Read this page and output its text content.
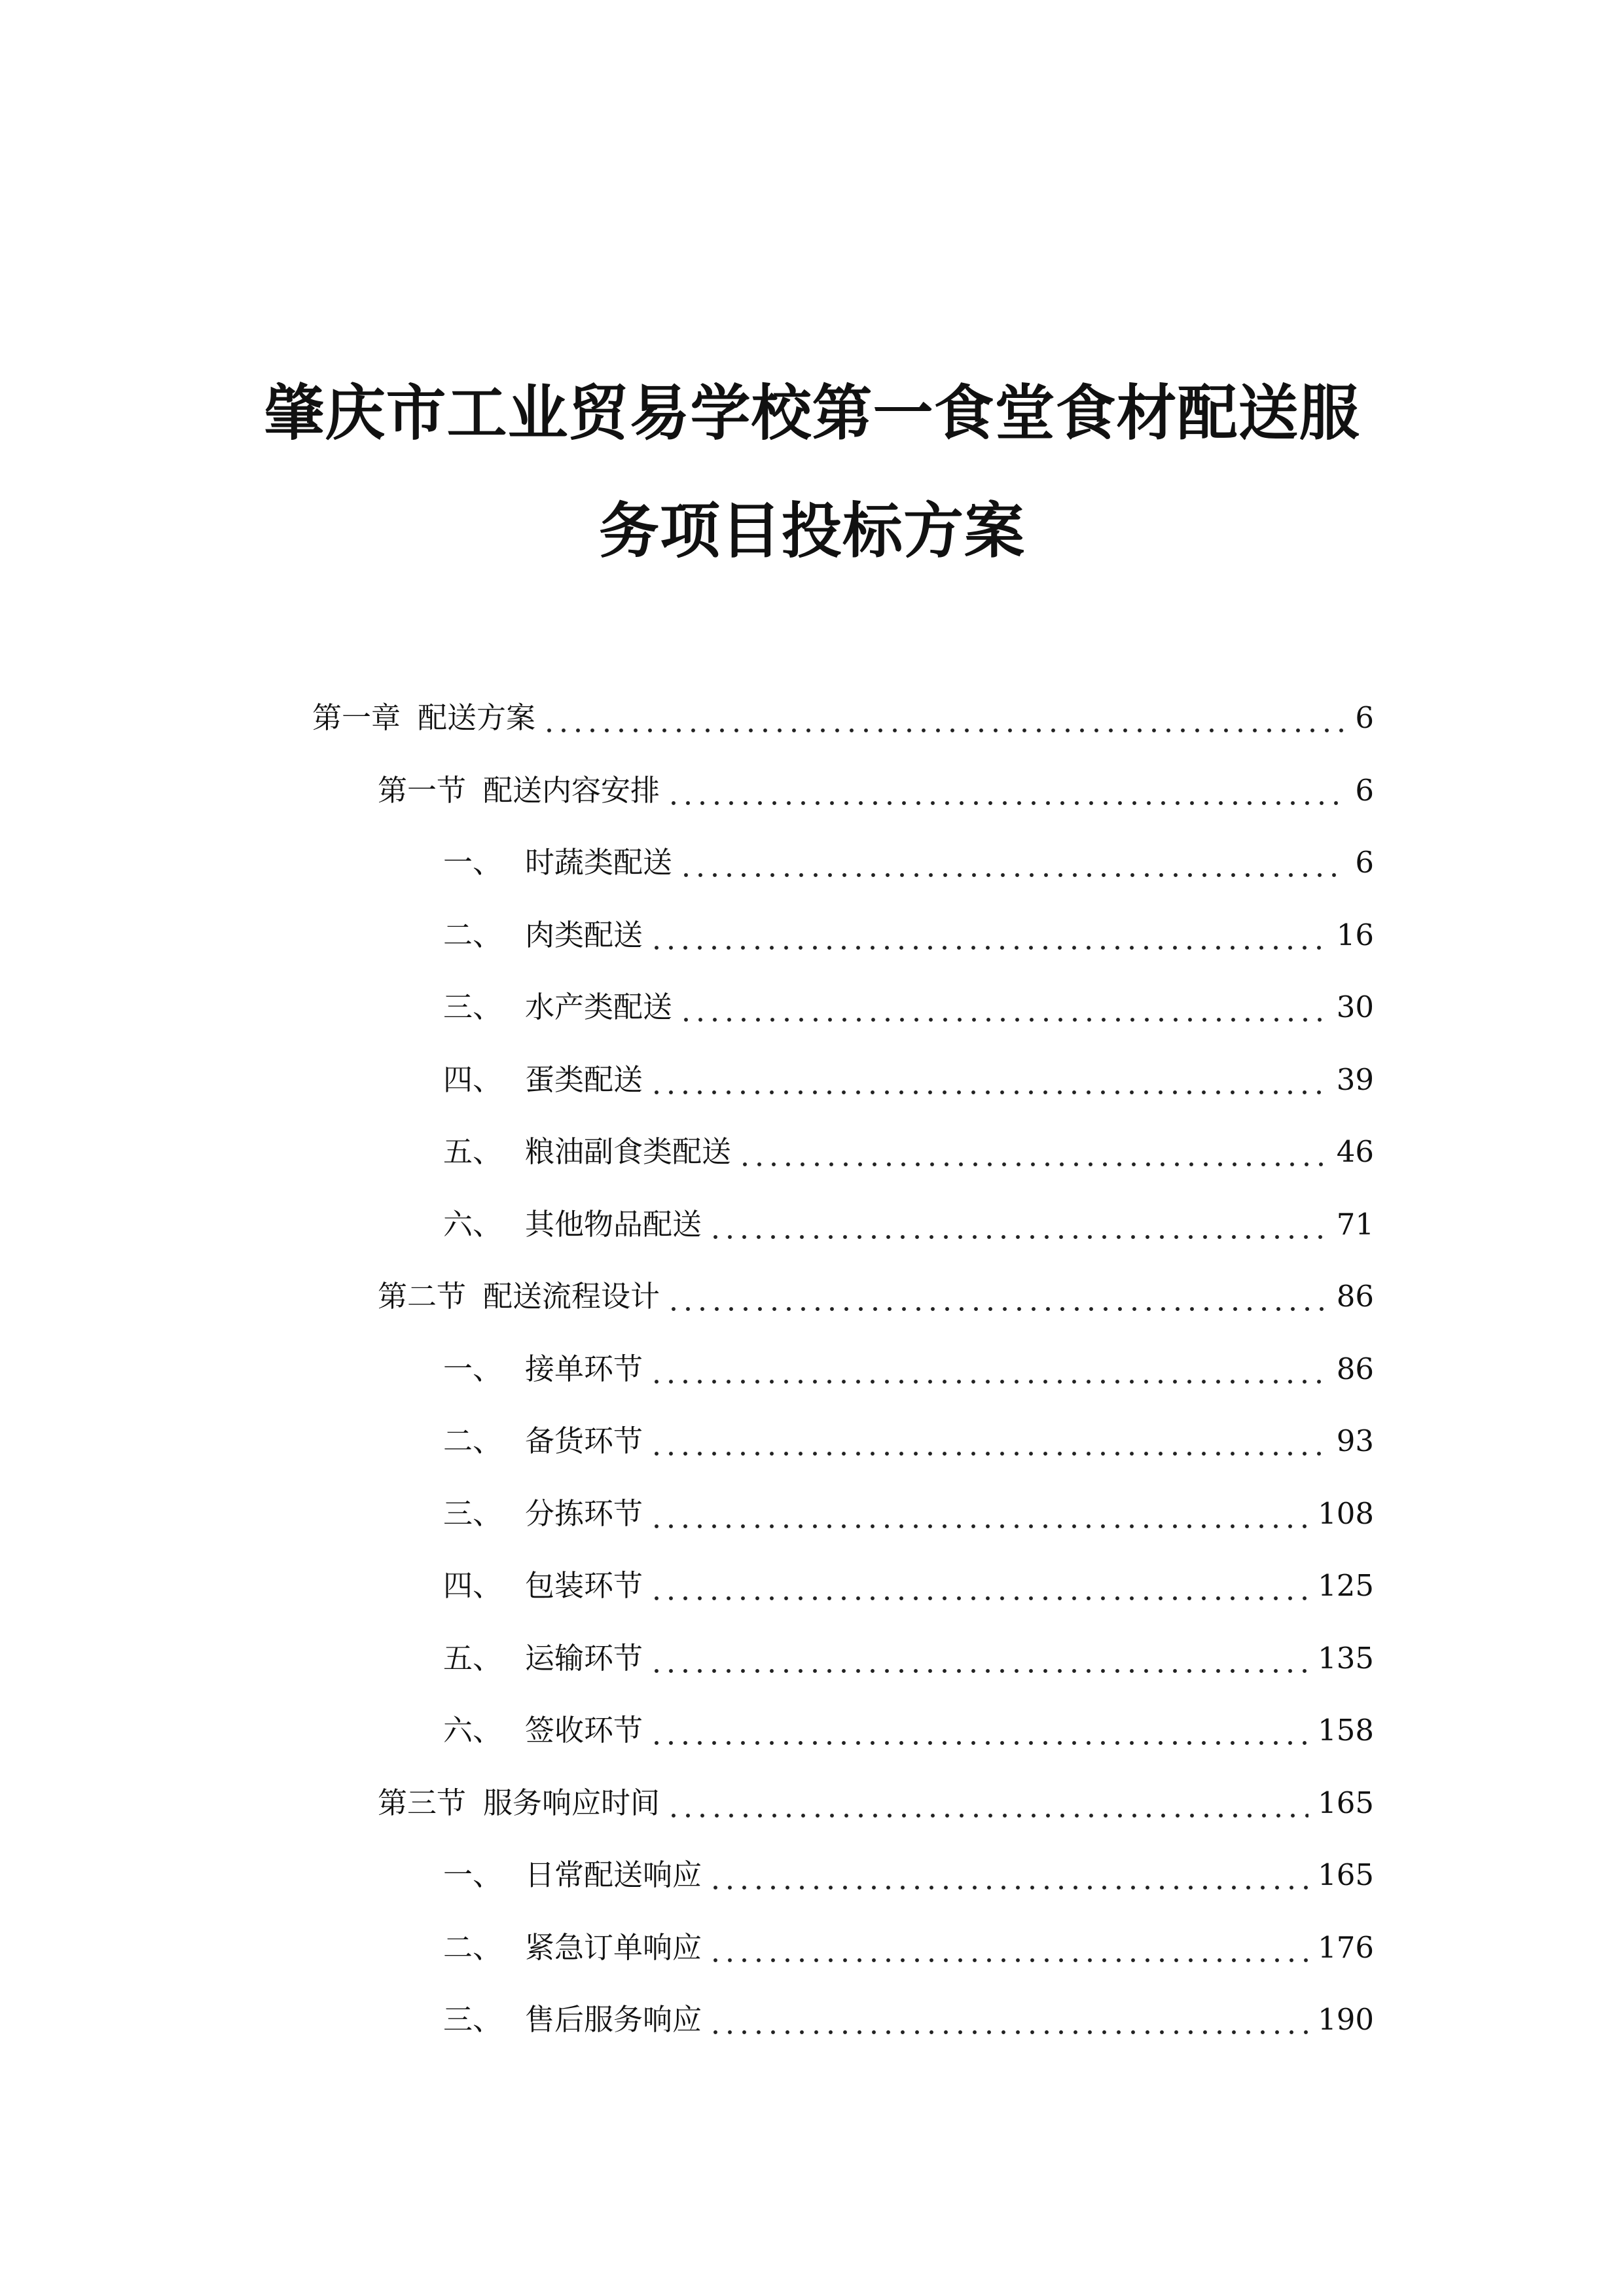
肇庆市工业贸易学校第一食堂食材配送服
务项目投标方案
第一章 配送方案	6
第一节 配送内容安排	6
一、 时蔬类配送	6
二、 肉类配送	16
三、 水产类配送	30
四、 蛋类配送	39
五、 粮油副食类配送	46
六、 其他物品配送	71
第二节 配送流程设计	86
一、 接单环节	86
二、 备货环节	93
三、 分拣环节	108
四、 包装环节	125
五、 运输环节	135
六、 签收环节	158
第三节 服务响应时间	165
一、 日常配送响应	165
二、 紧急订单响应	176
三、 售后服务响应	190
